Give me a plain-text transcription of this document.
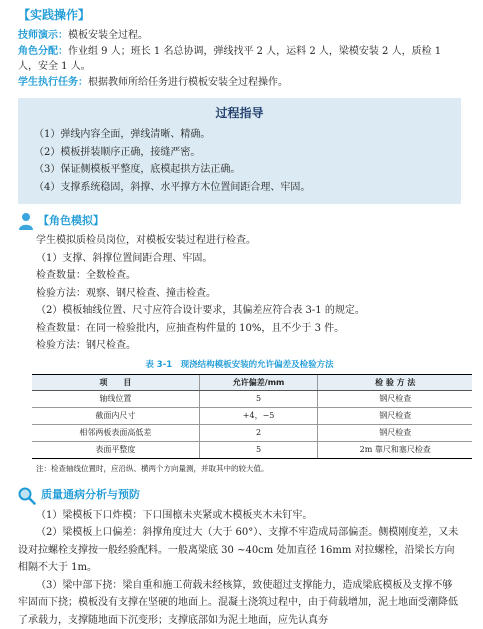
【实践操作】
技师演示：模板安装全过程。
角色分配：作业组 9 人；班长 1 名总协调，弹线找平 2 人，运料 2 人，梁模安装 2 人，质检 1 人，安全 1 人。
学生执行任务：根据教师所给任务进行模板安装全过程操作。
过程指导
（1）弹线内容全面，弹线清晰、精确。
（2）模板拼装顺序正确，接缝严密。
（3）保证侧模板平整度，底模起拱方法正确。
（4）支撑系统稳固，斜撑、水平撑方木位置间距合理、牢固。
【角色模拟】
学生模拟质检员岗位，对模板安装过程进行检查。
（1）支撑、斜撑位置间距合理、牢固。
检查数量：全数检查。
检验方法：观察、钢尺检查、撞击检查。
（2）模板轴线位置、尺寸应符合设计要求，其偏差应符合表 3-1 的规定。
检查数量：在同一检验批内，应抽查构件量的 10%，且不少于 3 件。
检验方法：钢尺检查。
表 3-1　现浇结构模板安装的允许偏差及检验方法
项　　目	允许偏差/mm	检 验 方 法
轴线位置	5	钢尺检查
截面内尺寸	+4，−5	钢尺检查
相邻两板表面高低差	2	钢尺检查
表面平整度	5	2m 靠尺和塞尺检查
注：检查轴线位置时，应沿纵、横两个方向量测，并取其中的较大值。
质量通病分析与预防
（1）梁模板下口炸模：下口围檩未夹紧或木模板夹木未钉牢。
（2）梁模板上口偏差：斜撑角度过大（大于 60°）、支撑不牢造成局部偏歪。侧模刚度差，又未设对拉螺栓支撑按一般经验配料。一般离梁底 30 ~40cm 处加直径 16mm 对拉螺栓，沿梁长方向相隔不大于 1m。
（3）梁中部下挠：梁自重和施工荷载未经核算，致使超过支撑能力，造成梁底模板及支撑不够牢固而下挠；模板没有支撑在坚硬的地面上。混凝土浇筑过程中，由于荷载增加，泥土地面受潮降低了承载力，支撑随地面下沉变形；支撑底部如为泥土地面，应先认真夯
